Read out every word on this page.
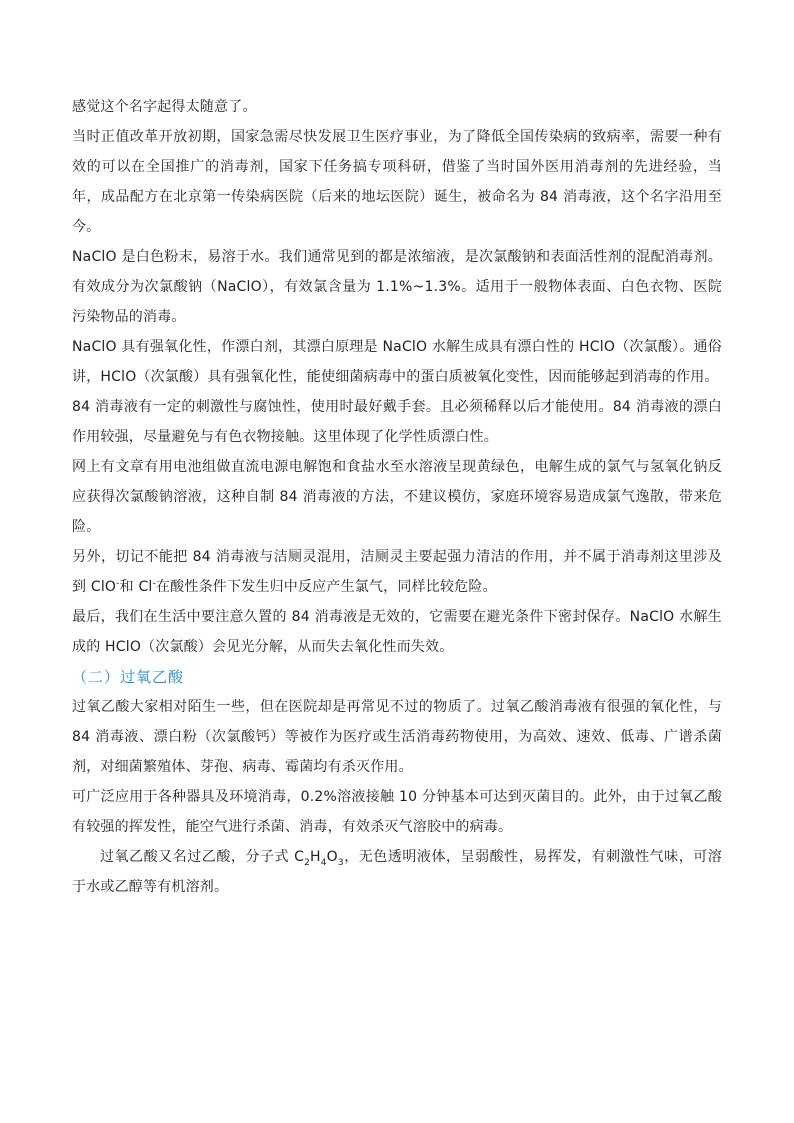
感觉这个名字起得太随意了。

当时正值改革开放初期，国家急需尽快发展卫生医疗事业，为了降低全国传染病的致病率，需要一种有效的可以在全国推广的消毒剂，国家下任务搞专项科研，借鉴了当时国外医用消毒剂的先进经验，当年，成品配方在北京第一传染病医院（后来的地坛医院）诞生，被命名为 84 消毒液，这个名字沿用至今。

NaClO 是白色粉末，易溶于水。我们通常见到的都是浓缩液，是次氯酸钠和表面活性剂的混配消毒剂。有效成分为次氯酸钠（NaClO），有效氯含量为 1.1%~1.3%。适用于一般物体表面、白色衣物、医院污染物品的消毒。

NaClO 具有强氧化性，作漂白剂，其漂白原理是 NaClO 水解生成具有漂白性的 HClO（次氯酸）。通俗讲，HClO（次氯酸）具有强氧化性，能使细菌病毒中的蛋白质被氧化变性，因而能够起到消毒的作用。

84 消毒液有一定的刺激性与腐蚀性，使用时最好戴手套。且必须稀释以后才能使用。84 消毒液的漂白作用较强，尽量避免与有色衣物接触。这里体现了化学性质漂白性。

网上有文章有用电池组做直流电源电解饱和食盐水至水溶液呈现黄绿色，电解生成的氯气与氢氧化钠反应获得次氯酸钠溶液，这种自制 84 消毒液的方法，不建议模仿，家庭环境容易造成氯气逸散，带来危险。

另外，切记不能把 84 消毒液与洁厕灵混用，洁厕灵主要起强力清洁的作用，并不属于消毒剂这里涉及到 ClO-和 Cl-在酸性条件下发生归中反应产生氯气，同样比较危险。

最后，我们在生活中要注意久置的 84 消毒液是无效的，它需要在避光条件下密封保存。NaClO 水解生成的 HClO（次氯酸）会见光分解，从而失去氧化性而失效。

（二）过氧乙酸

过氧乙酸大家相对陌生一些，但在医院却是再常见不过的物质了。过氧乙酸消毒液有很强的氧化性，与 84 消毒液、漂白粉（次氯酸钙）等被作为医疗或生活消毒药物使用，为高效、速效、低毒、广谱杀菌剂，对细菌繁殖体、芽孢、病毒、霉菌均有杀灭作用。

可广泛应用于各种器具及环境消毒，0.2%溶液接触 10 分钟基本可达到灭菌目的。此外，由于过氧乙酸有较强的挥发性，能空气进行杀菌、消毒，有效杀灭气溶胶中的病毒。

过氧乙酸又名过乙酸，分子式 $C_2H_4O_3$，无色透明液体，呈弱酸性，易挥发，有刺激性气味，可溶于水或乙醇等有机溶剂。
